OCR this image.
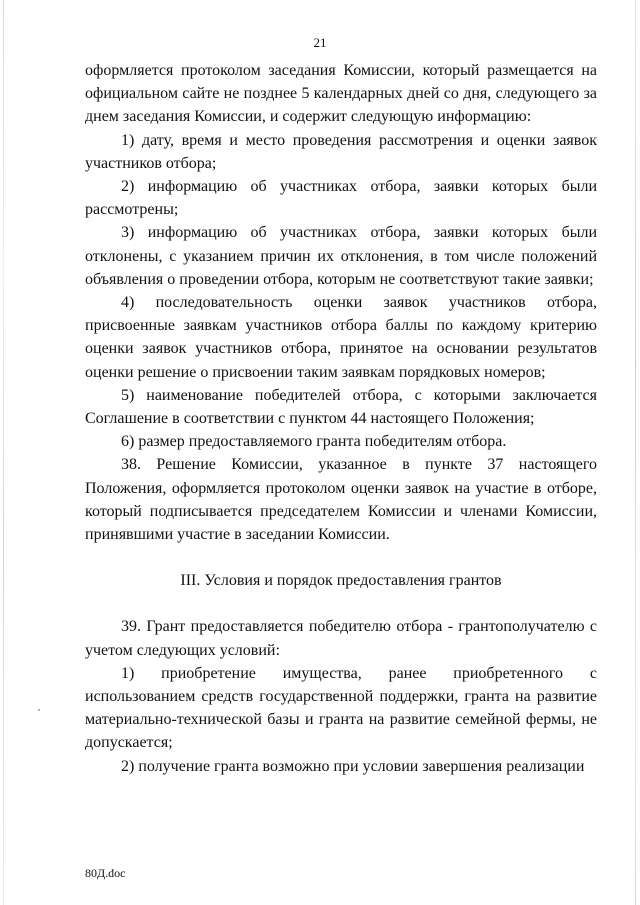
21

оформляется протоколом заседания Комиссии, который размещается на официальном сайте не позднее 5 календарных дней со дня, следующего за днем заседания Комиссии, и содержит следующую информацию:

1) дату, время и место проведения рассмотрения и оценки заявок участников отбора;

2) информацию об участниках отбора, заявки которых были рассмотрены;

3) информацию об участниках отбора, заявки которых были отклонены, с указанием причин их отклонения, в том числе положений объявления о проведении отбора, которым не соответствуют такие заявки;

4) последовательность оценки заявок участников отбора, присвоенные заявкам участников отбора баллы по каждому критерию оценки заявок участников отбора, принятое на основании результатов оценки решение о присвоении таким заявкам порядковых номеров;

5) наименование победителей отбора, с которыми заключается Соглашение в соответствии с пунктом 44 настоящего Положения;

6) размер предоставляемого гранта победителям отбора.

38. Решение Комиссии, указанное в пункте 37 настоящего Положения, оформляется протоколом оценки заявок на участие в отборе, который подписывается председателем Комиссии и членами Комиссии, принявшими участие в заседании Комиссии.

III. Условия и порядок предоставления грантов

39. Грант предоставляется победителю отбора - грантополучателю с учетом следующих условий:

1) приобретение имущества, ранее приобретенного с использованием средств государственной поддержки, гранта на развитие материально-технической базы и гранта на развитие семейной фермы, не допускается;

2) получение гранта возможно при условии завершения реализации

80Д.doc
